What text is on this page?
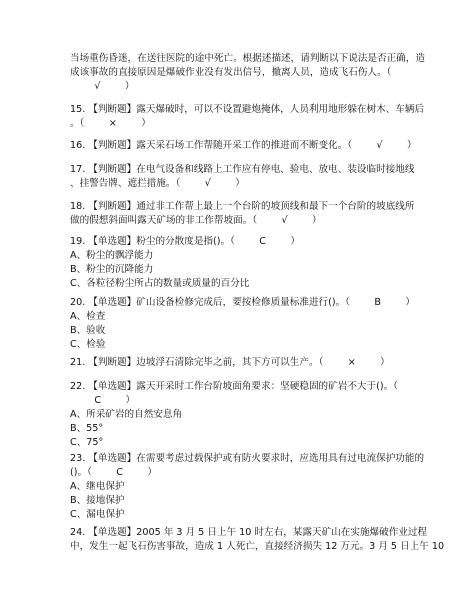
当场重伤昏迷，在送往医院的途中死亡。根据述描述，请判断以下说法是否正确，造
成该事故的直接原因是爆破作业没有发出信号，撤离人员，造成飞石伤人。（
√        ）
15. 【判断题】露天爆破时，可以不设置避炮掩体，人员利用地形躲在树木、车辆后
。（        ×        ）
16. 【判断题】露天采石场工作帮随开采工作的推进而不断变化。（        √        ）
17. 【判断题】在电气设备和线路上工作应有停电、验电、放电、装设临时接地线
、挂警告牌、遮拦措施。（        √        ）
18. 【判断题】通过非工作帮上最上一个台阶的坡顶线和最下一个台阶的坡底线所
做的假想斜面叫露天矿场的非工作帮坡面。（        √        ）
19. 【单选题】粉尘的分散度是指()。（        C        ）
A、粉尘的飘浮能力
B、粉尘的沉降能力
C、各粒径粉尘所占的数量或质量的百分比
20. 【单选题】矿山设备检修完成后，要按检修质量标准进行()。（        B        ）
A、检查
B、验收
C、检验
21. 【判断题】边坡浮石清除完毕之前，其下方可以生产。（        ×        ）
22. 【单选题】露天开采时工作台阶坡面角要求：坚硬稳固的矿岩不大于()。（
C        ）
A、所采矿岩的自然安息角
B、55°
C、75°
23. 【单选题】在需要考虑过载保护或有防火要求时，应选用具有过电流保护功能的
()。（        C        ）
A、继电保护
B、接地保护
C、漏电保护
24. 【单选题】2005 年 3 月 5 日上午 10 时左右，某露天矿山在实施爆破作业过程
中，发生一起飞石伤害事故，造成 1 人死亡，直接经济损失 12 万元。3 月 5 日上午 10
